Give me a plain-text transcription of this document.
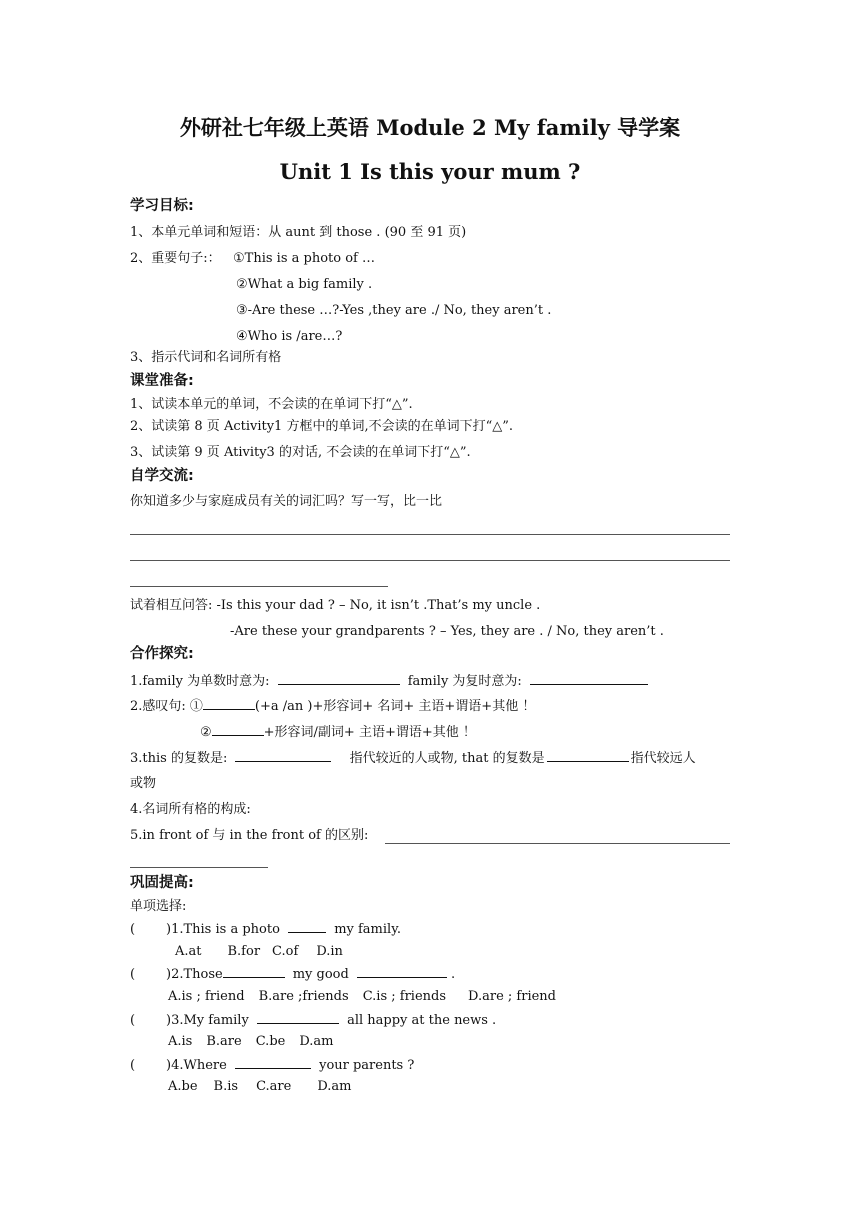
外研社七年级上英语 Module 2 My family 导学案
Unit 1 Is this your mum ?
学习目标:
1、本单元单词和短语：从 aunt 到 those . (90 至 91 页)
2、重要句子:： ①This is a photo of …
②What a big family .
③-Are these …?-Yes ,they are ./ No, they aren’t .
④Who is /are…?
3、指示代词和名词所有格
课堂准备:
1、试读本单元的单词，不会读的在单词下打“△”.
2、试读第 8 页 Activity1 方框中的单词,不会读的在单词下打“△”.
3、试读第 9 页 Ativity3 的对话, 不会读的在单词下打“△”.
自学交流:
你知道多少与家庭成员有关的词汇吗？写一写，比一比
试着相互问答: -Is this your dad ? – No, it isn’t .That’s my uncle .
-Are these your grandparents ? – Yes, they are . / No, they aren’t .
合作探究:
1.family 为单数时意为:	family 为复时意为:
2.感叹句: ①	(+a /an )+形容词+ 名词+ 主语+谓语+其他 ！
②	+形容词/副词+ 主语+谓语+其他 ！
3.this 的复数是:	指代较近的人或物, that 的复数是	指代较远人
或物
4.名词所有格的构成:
5.in front of 与 in the front of 的区别:
巩固提高:
单项选择:
( )1.This is a photo	my family.
A.at B.for C.of D.in
( )2.Those	my good	.
A.is ; friend B.are ;friends C.is ; friends D.are ; friend
( )3.My family	all happy at the news .
A.is B.are C.be D.am
( )4.Where	your parents ?
A.be B.is C.are D.am
